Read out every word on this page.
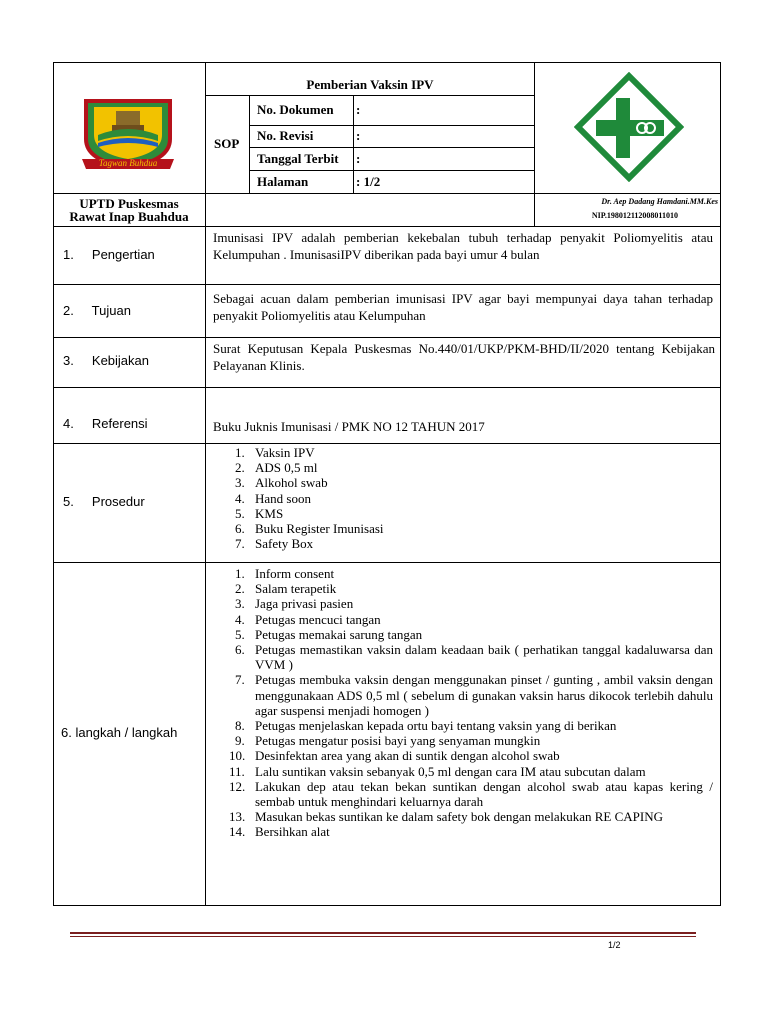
Tagwan Buhdua
Pemberian Vaksin IPV
SOP
No. Dokumen :
No. Revisi	:
Tanggal Terbit :
Halaman	: 1/2
UPTD Puskesmas
Rawat Inap Buahdua
Dr. Aep Dadang Hamdani.MM.Kes
NIP.198012112008011010
1.     Pengertian
Imunisasi IPV adalah pemberian kekebalan tubuh terhadap penyakit Poliomyelitis atau Kelumpuhan . ImunisasiIPV diberikan pada bayi umur 4 bulan
2.     Tujuan
Sebagai acuan dalam pemberian imunisasi IPV agar bayi mempunyai daya tahan terhadap penyakit Poliomyelitis atau Kelumpuhan
3.     Kebijakan
Surat Keputusan Kepala Puskesmas No.440/01/UKP/PKM-BHD/II/2020 tentang Kebijakan Pelayanan Klinis.
4.     Referensi	Buku Juknis Imunisasi / PMK NO 12 TAHUN 2017
5.     Prosedur
1. Vaksin IPV
2. ADS 0,5 ml
3. Alkohol swab
4. Hand soon
5. KMS
6. Buku Register Imunisasi
7. Safety Box
6. langkah / langkah
1. Inform consent
2. Salam terapetik
3. Jaga privasi pasien
4. Petugas mencuci tangan
5. Petugas memakai sarung tangan
6. Petugas memastikan vaksin dalam keadaan baik ( perhatikan tanggal kadaluwarsa dan VVM )
7. Petugas membuka vaksin dengan menggunakan pinset / gunting , ambil vaksin dengan menggunakaan ADS 0,5 ml ( sebelum di gunakan vaksin harus dikocok terlebih dahulu agar suspensi menjadi homogen )
8. Petugas menjelaskan kepada ortu bayi tentang vaksin yang di berikan
9. Petugas mengatur posisi bayi yang senyaman mungkin
10. Desinfektan area yang akan di suntik dengan alcohol swab
11. Lalu suntikan vaksin sebanyak 0,5 ml dengan cara IM atau subcutan dalam
12. Lakukan dep atau tekan bekan suntikan dengan alcohol swab atau kapas kering / sembab untuk menghindari keluarnya darah
13. Masukan bekas suntikan ke dalam safety bok dengan melakukan RE CAPING
14. Bersihkan alat
1/2
